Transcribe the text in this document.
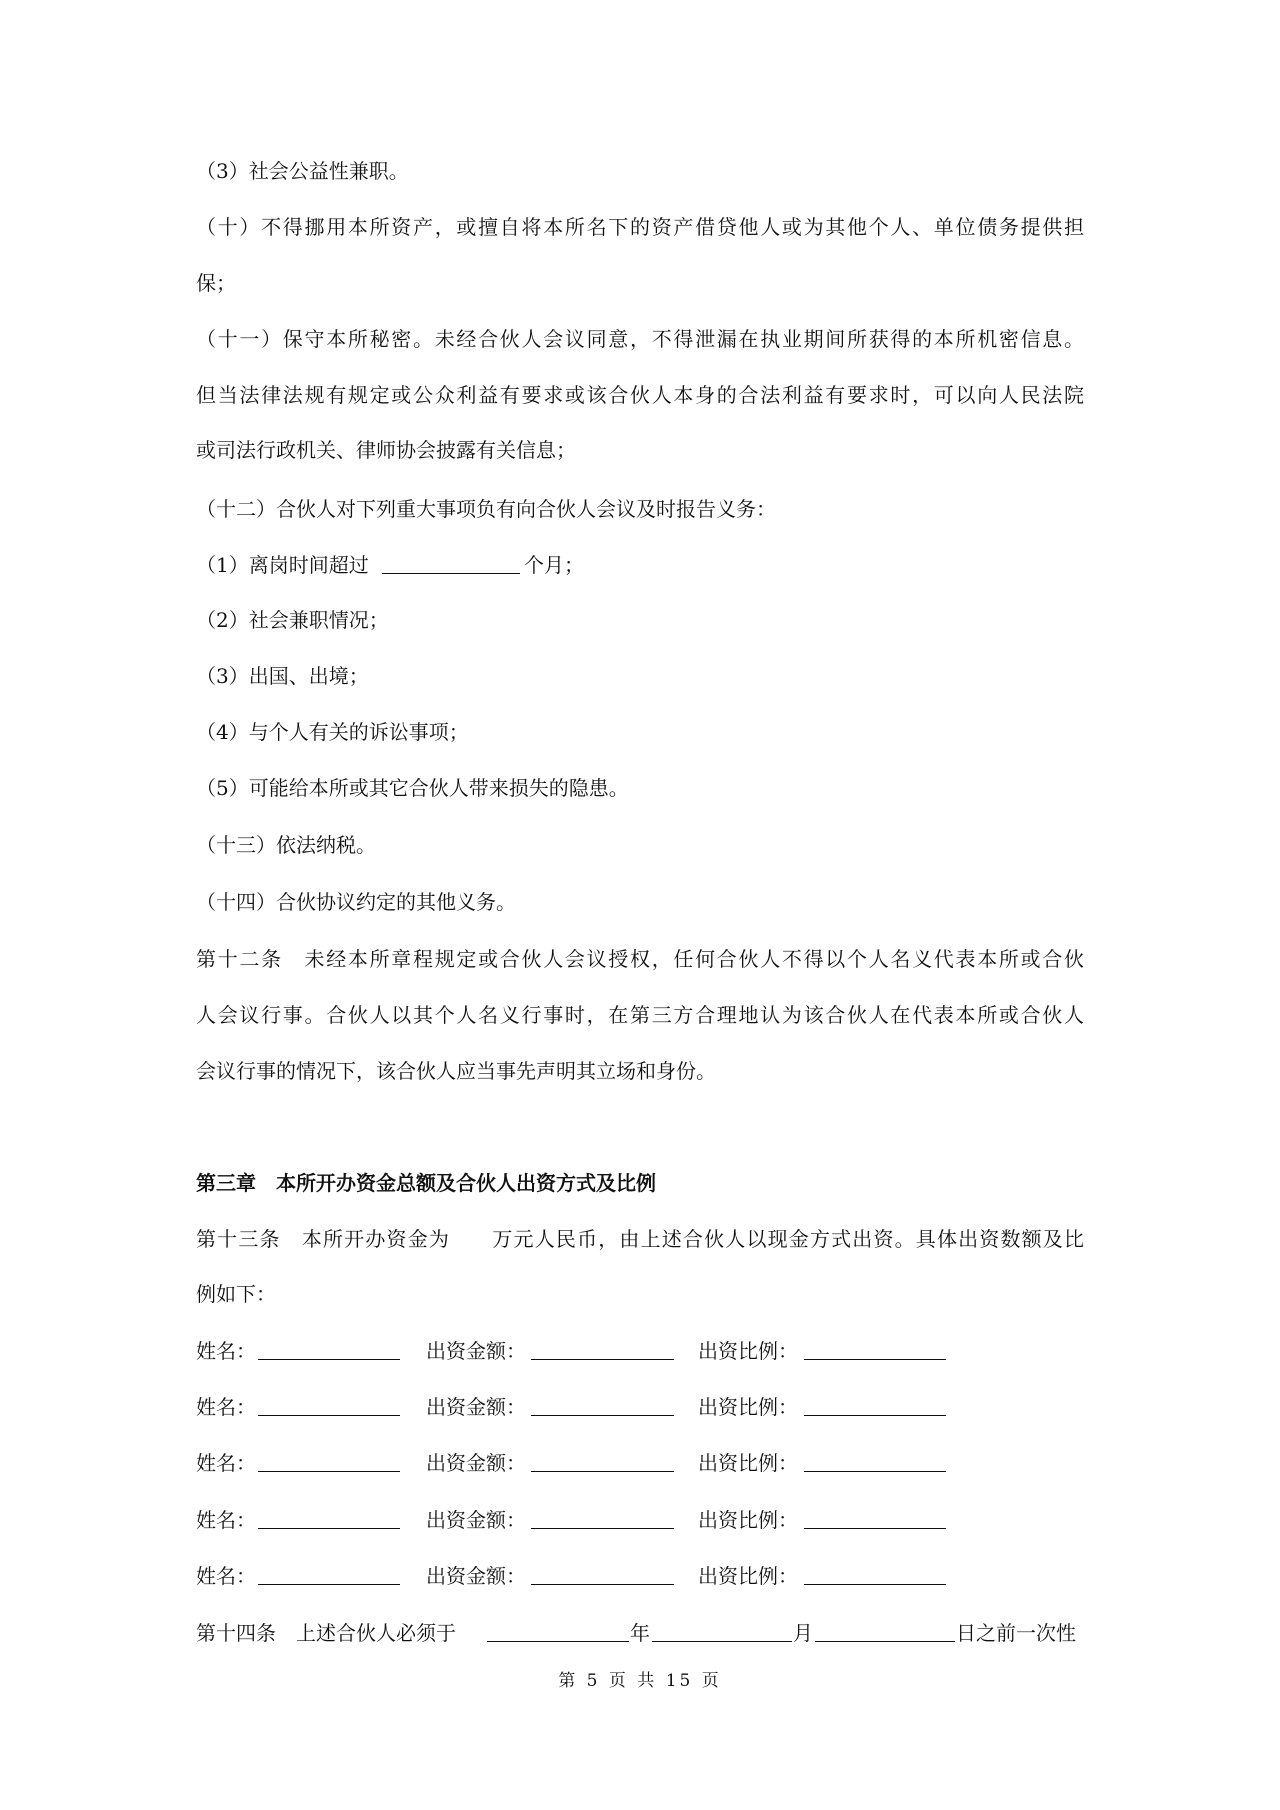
（3）社会公益性兼职。
（十）不得挪用本所资产，或擅自将本所名下的资产借贷他人或为其他个人、单位债务提供担
保；
（十一）保守本所秘密。未经合伙人会议同意，不得泄漏在执业期间所获得的本所机密信息。
但当法律法规有规定或公众利益有要求或该合伙人本身的合法利益有要求时，可以向人民法院
或司法行政机关、律师协会披露有关信息；
（十二）合伙人对下列重大事项负有向合伙人会议及时报告义务：
（1）离岗时间超过	个月；
（2）社会兼职情况；
（3）出国、出境；
（4）与个人有关的诉讼事项；
（5）可能给本所或其它合伙人带来损失的隐患。
（十三）依法纳税。
（十四）合伙协议约定的其他义务。
第十二条　未经本所章程规定或合伙人会议授权，任何合伙人不得以个人名义代表本所或合伙
人会议行事。合伙人以其个人名义行事时，在第三方合理地认为该合伙人在代表本所或合伙人
会议行事的情况下，该合伙人应当事先声明其立场和身份。
第三章　本所开办资金总额及合伙人出资方式及比例
第十三条　本所开办资金为　　万元人民币，由上述合伙人以现金方式出资。具体出资数额及比
例如下：
姓名：	出资金额：	出资比例：
姓名：	出资金额：	出资比例：
姓名：	出资金额：	出资比例：
姓名：	出资金额：	出资比例：
姓名：	出资金额：	出资比例：
第十四条　上述合伙人必须于	年	月	日之前一次性
第 5 页 共 15 页
